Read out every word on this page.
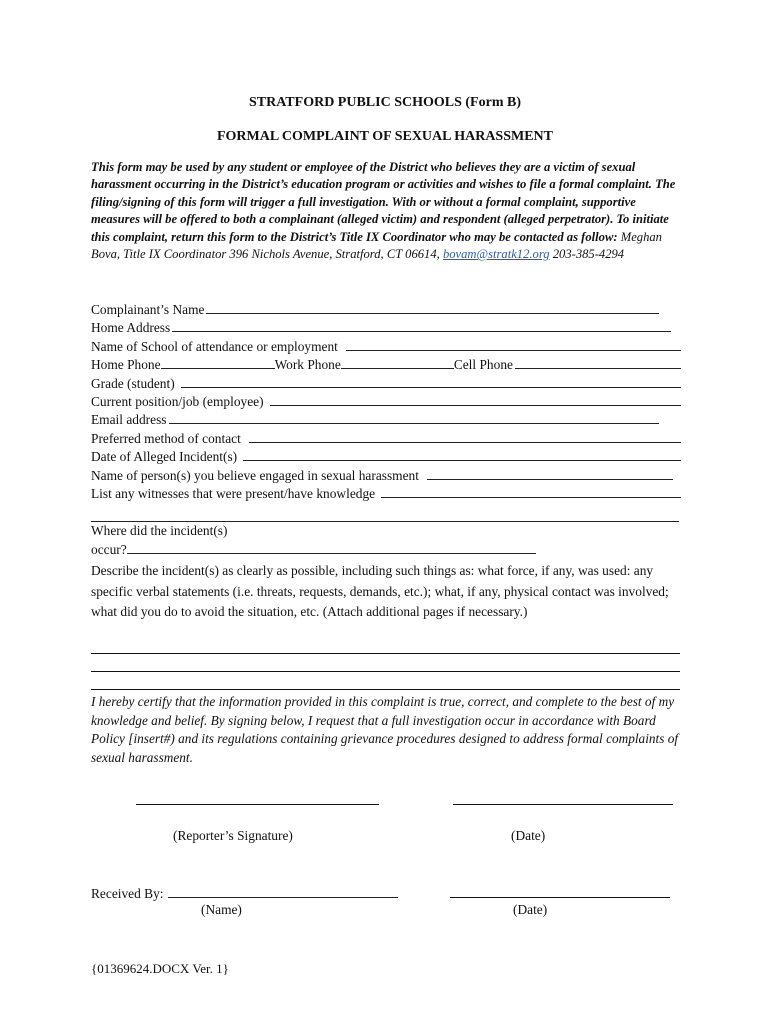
STRATFORD PUBLIC SCHOOLS (Form B)
FORMAL COMPLAINT OF SEXUAL HARASSMENT
This form may be used by any student or employee of the District who believes they are a victim of sexual harassment occurring in the District’s education program or activities and wishes to file a formal complaint. The filing/signing of this form will trigger a full investigation. With or without a formal complaint, supportive measures will be offered to both a complainant (alleged victim) and respondent (alleged perpetrator). To initiate this complaint, return this form to the District’s Title IX Coordinator who may be contacted as follow: Meghan Bova, Title IX Coordinator 396 Nichols Avenue, Stratford, CT 06614, bovam@stratk12.org 203-385-4294
Complainant’s Name
Home Address
Name of School of attendance or employment
Home Phone	Work Phone	Cell Phone
Grade (student)
Current position/job (employee)
Email address
Preferred method of contact
Date of Alleged Incident(s)
Name of person(s) you believe engaged in sexual harassment
List any witnesses that were present/have knowledge
Where did the incident(s)
occur?
Describe the incident(s) as clearly as possible, including such things as: what force, if any, was used: any specific verbal statements (i.e. threats, requests, demands, etc.); what, if any, physical contact was involved; what did you do to avoid the situation, etc. (Attach additional pages if necessary.)
I hereby certify that the information provided in this complaint is true, correct, and complete to the best of my knowledge and belief. By signing below, I request that a full investigation occur in accordance with Board Policy [insert#) and its regulations containing grievance procedures designed to address formal complaints of sexual harassment.
(Reporter’s Signature)	(Date)
Received By:
(Name)	(Date)
{01369624.DOCX Ver. 1}
